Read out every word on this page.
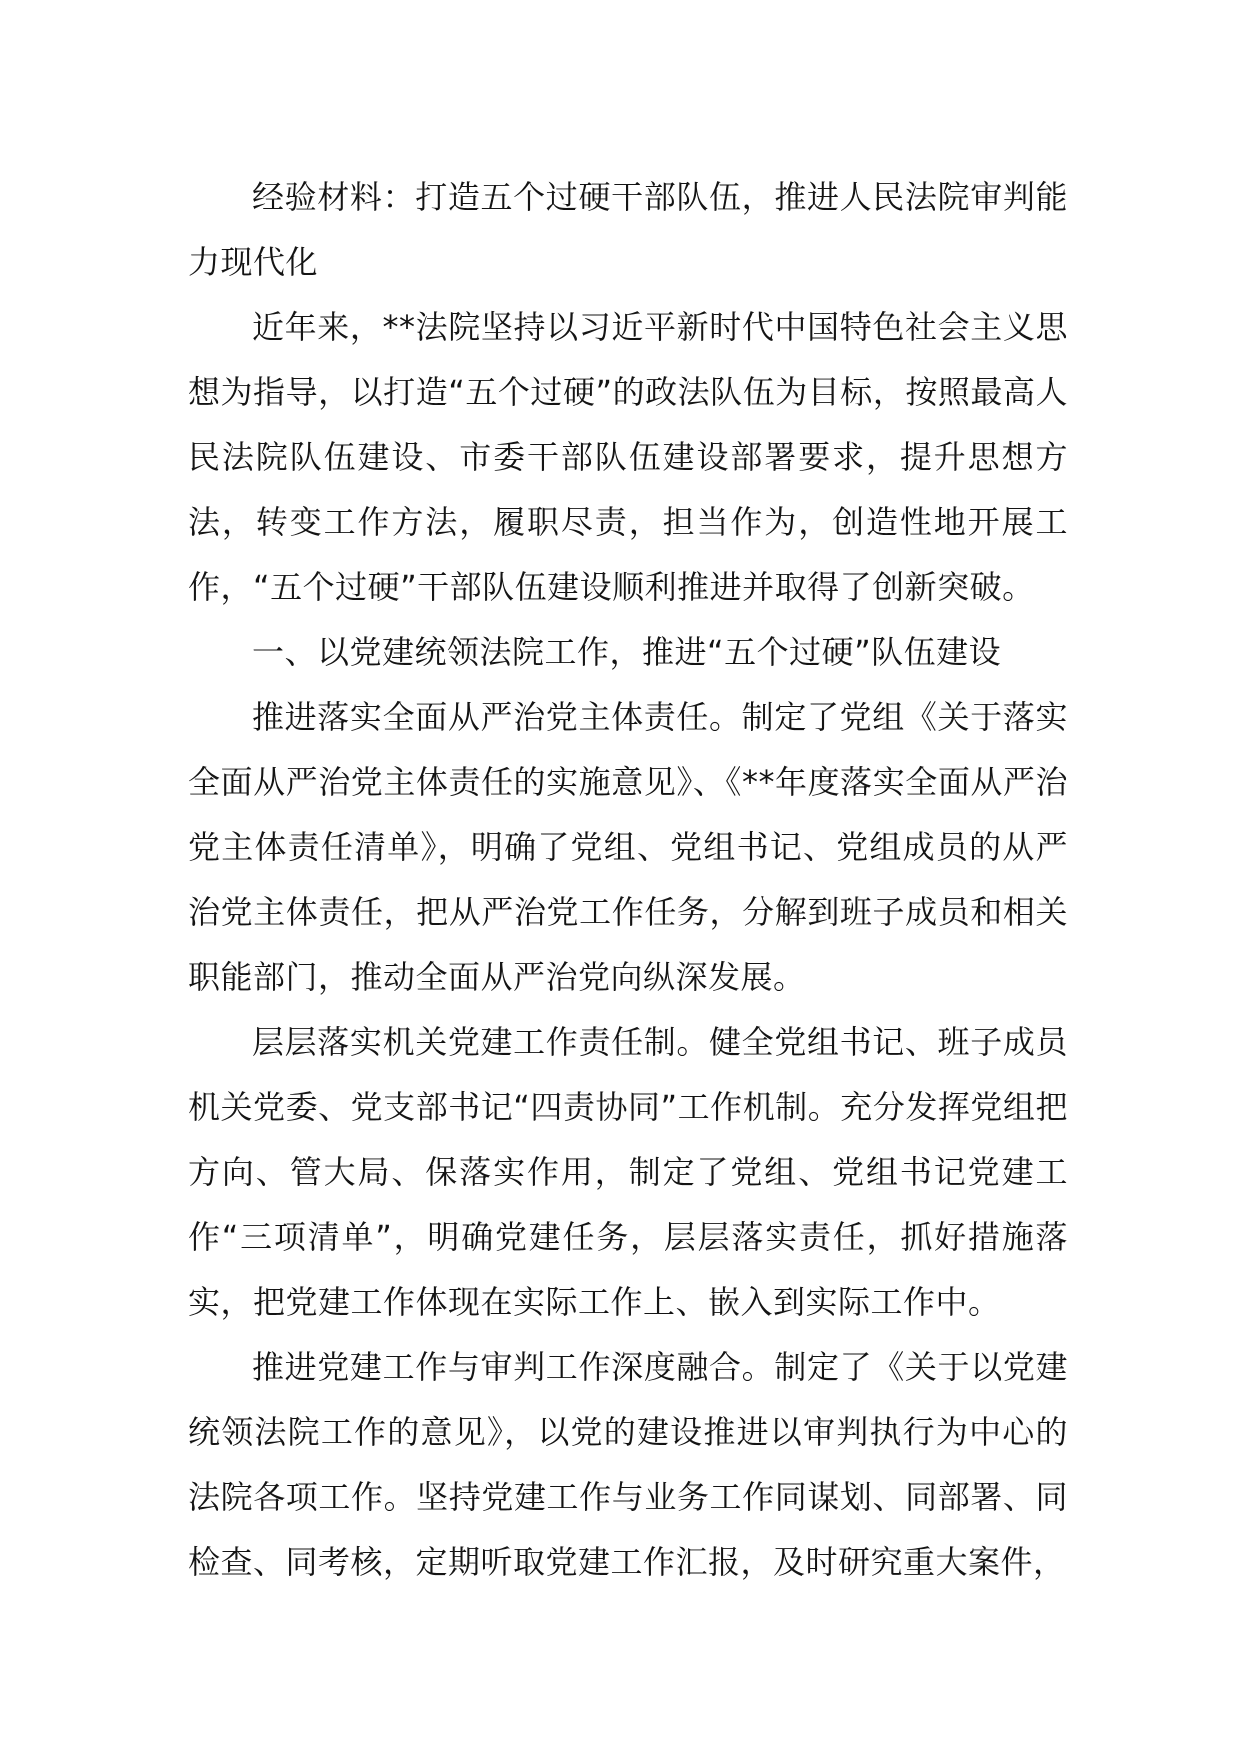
经验材料：打造五个过硬干部队伍，推进人民法院审判能力现代化

近年来，**法院坚持以习近平新时代中国特色社会主义思想为指导，以打造“五个过硬”的政法队伍为目标，按照最高人民法院队伍建设、市委干部队伍建设部署要求，提升思想方法，转变工作方法，履职尽责，担当作为，创造性地开展工作，“五个过硬”干部队伍建设顺利推进并取得了创新突破。

一、以党建统领法院工作，推进“五个过硬”队伍建设

推进落实全面从严治党主体责任。制定了党组《关于落实全面从严治党主体责任的实施意见》、《**年度落实全面从严治党主体责任清单》，明确了党组、党组书记、党组成员的从严治党主体责任，把从严治党工作任务，分解到班子成员和相关职能部门，推动全面从严治党向纵深发展。

层层落实机关党建工作责任制。健全党组书记、班子成员机关党委、党支部书记“四责协同”工作机制。充分发挥党组把方向、管大局、保落实作用，制定了党组、党组书记党建工作“三项清单”，明确党建任务，层层落实责任，抓好措施落实，把党建工作体现在实际工作上、嵌入到实际工作中。

推进党建工作与审判工作深度融合。制定了《关于以党建统领法院工作的意见》，以党的建设推进以审判执行为中心的法院各项工作。坚持党建工作与业务工作同谋划、同部署、同检查、同考核，定期听取党建工作汇报，及时研究重大案件，
